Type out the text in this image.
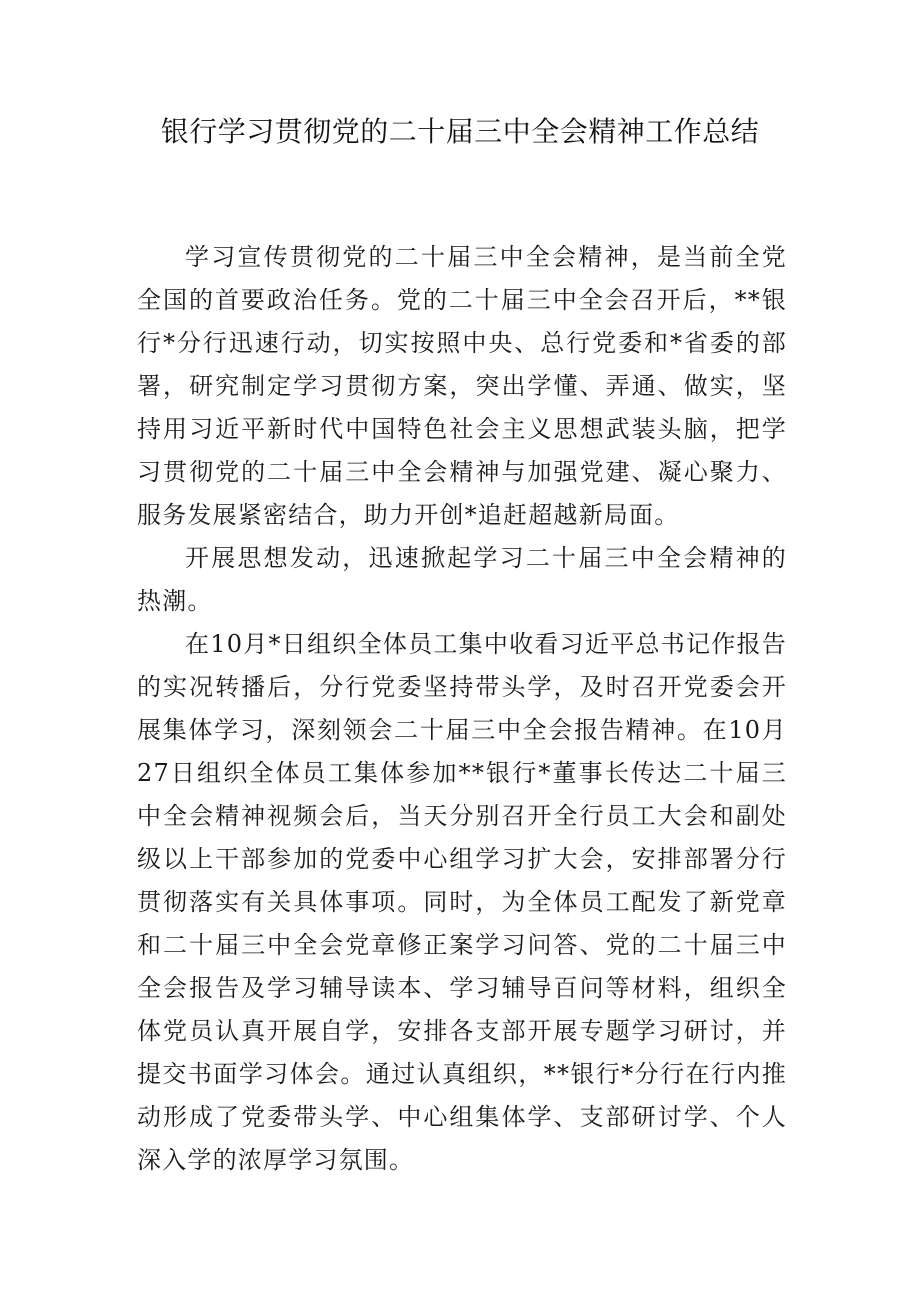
银行学习贯彻党的二十届三中全会精神工作总结

学习宣传贯彻党的二十届三中全会精神，是当前全党全国的首要政治任务。党的二十届三中全会召开后，**银行*分行迅速行动，切实按照中央、总行党委和*省委的部署，研究制定学习贯彻方案，突出学懂、弄通、做实，坚持用习近平新时代中国特色社会主义思想武装头脑，把学习贯彻党的二十届三中全会精神与加强党建、凝心聚力、服务发展紧密结合，助力开创*追赶超越新局面。

开展思想发动，迅速掀起学习二十届三中全会精神的热潮。

在10月*日组织全体员工集中收看习近平总书记作报告的实况转播后，分行党委坚持带头学，及时召开党委会开展集体学习，深刻领会二十届三中全会报告精神。在10月27日组织全体员工集体参加**银行*董事长传达二十届三中全会精神视频会后，当天分别召开全行员工大会和副处级以上干部参加的党委中心组学习扩大会，安排部署分行贯彻落实有关具体事项。同时，为全体员工配发了新党章和二十届三中全会党章修正案学习问答、党的二十届三中全会报告及学习辅导读本、学习辅导百问等材料，组织全体党员认真开展自学，安排各支部开展专题学习研讨，并提交书面学习体会。通过认真组织，**银行*分行在行内推动形成了党委带头学、中心组集体学、支部研讨学、个人深入学的浓厚学习氛围。
